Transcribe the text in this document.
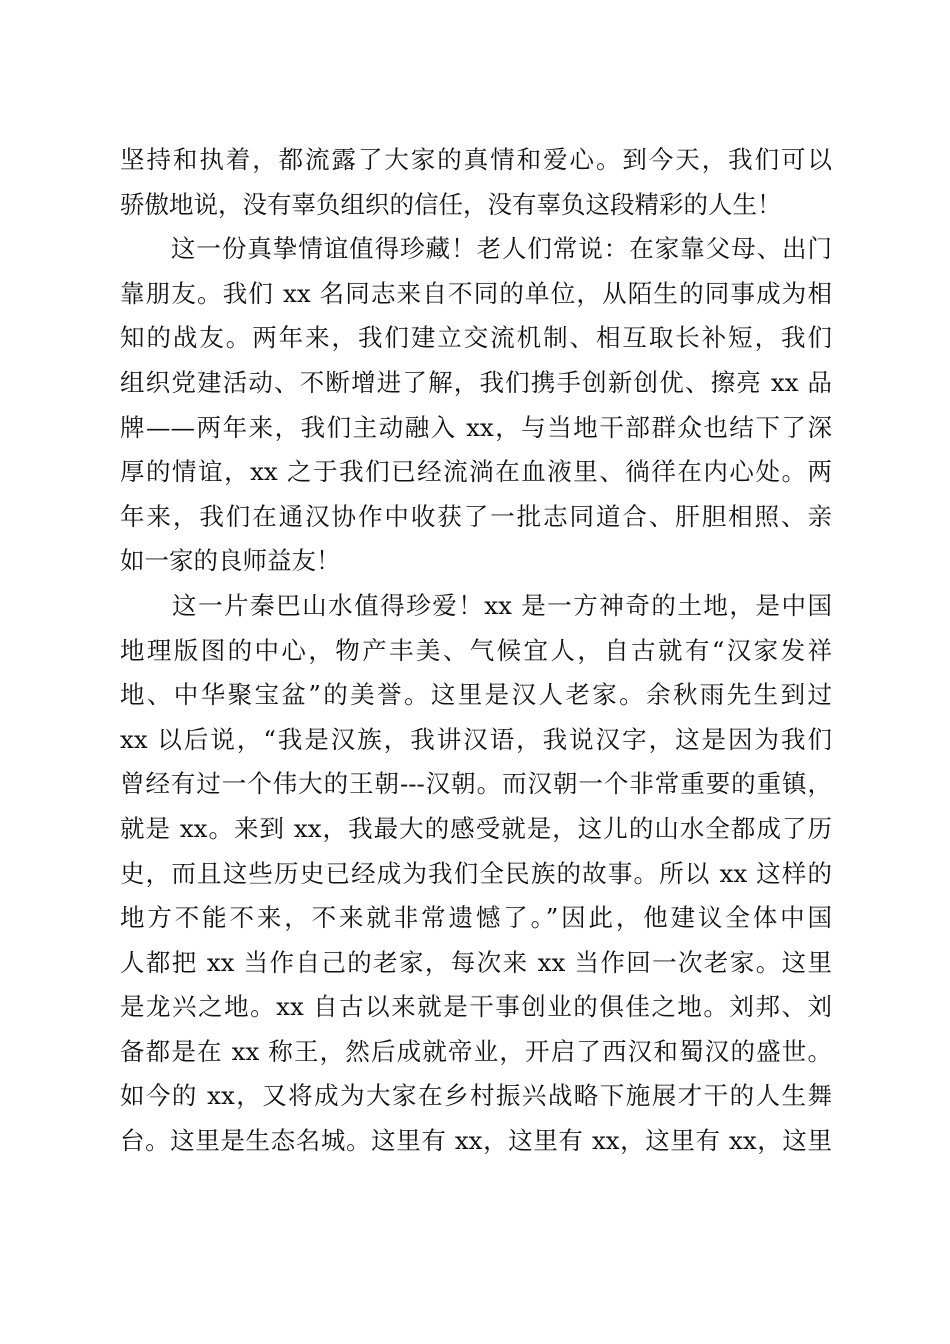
坚持和执着，都流露了大家的真情和爱心。到今天，我们可以
骄傲地说，没有辜负组织的信任，没有辜负这段精彩的人生！
　　这一份真挚情谊值得珍藏！老人们常说：在家靠父母、出门
靠朋友。我们 xx 名同志来自不同的单位，从陌生的同事成为相
知的战友。两年来，我们建立交流机制、相互取长补短，我们
组织党建活动、不断增进了解，我们携手创新创优、擦亮 xx 品
牌——两年来，我们主动融入 xx，与当地干部群众也结下了深
厚的情谊，xx 之于我们已经流淌在血液里、徜徉在内心处。两
年来，我们在通汉协作中收获了一批志同道合、肝胆相照、亲
如一家的良师益友！
　　这一片秦巴山水值得珍爱！xx 是一方神奇的土地，是中国
地理版图的中心，物产丰美、气候宜人，自古就有“汉家发祥
地、中华聚宝盆”的美誉。这里是汉人老家。余秋雨先生到过
xx 以后说，“我是汉族，我讲汉语，我说汉字，这是因为我们
曾经有过一个伟大的王朝---汉朝。而汉朝一个非常重要的重镇，
就是 xx。来到 xx，我最大的感受就是，这儿的山水全都成了历
史，而且这些历史已经成为我们全民族的故事。所以 xx 这样的
地方不能不来，不来就非常遗憾了。”因此，他建议全体中国
人都把 xx 当作自己的老家，每次来 xx 当作回一次老家。这里
是龙兴之地。xx 自古以来就是干事创业的俱佳之地。刘邦、刘
备都是在 xx 称王，然后成就帝业，开启了西汉和蜀汉的盛世。
如今的 xx，又将成为大家在乡村振兴战略下施展才干的人生舞
台。这里是生态名城。这里有 xx，这里有 xx，这里有 xx，这里
